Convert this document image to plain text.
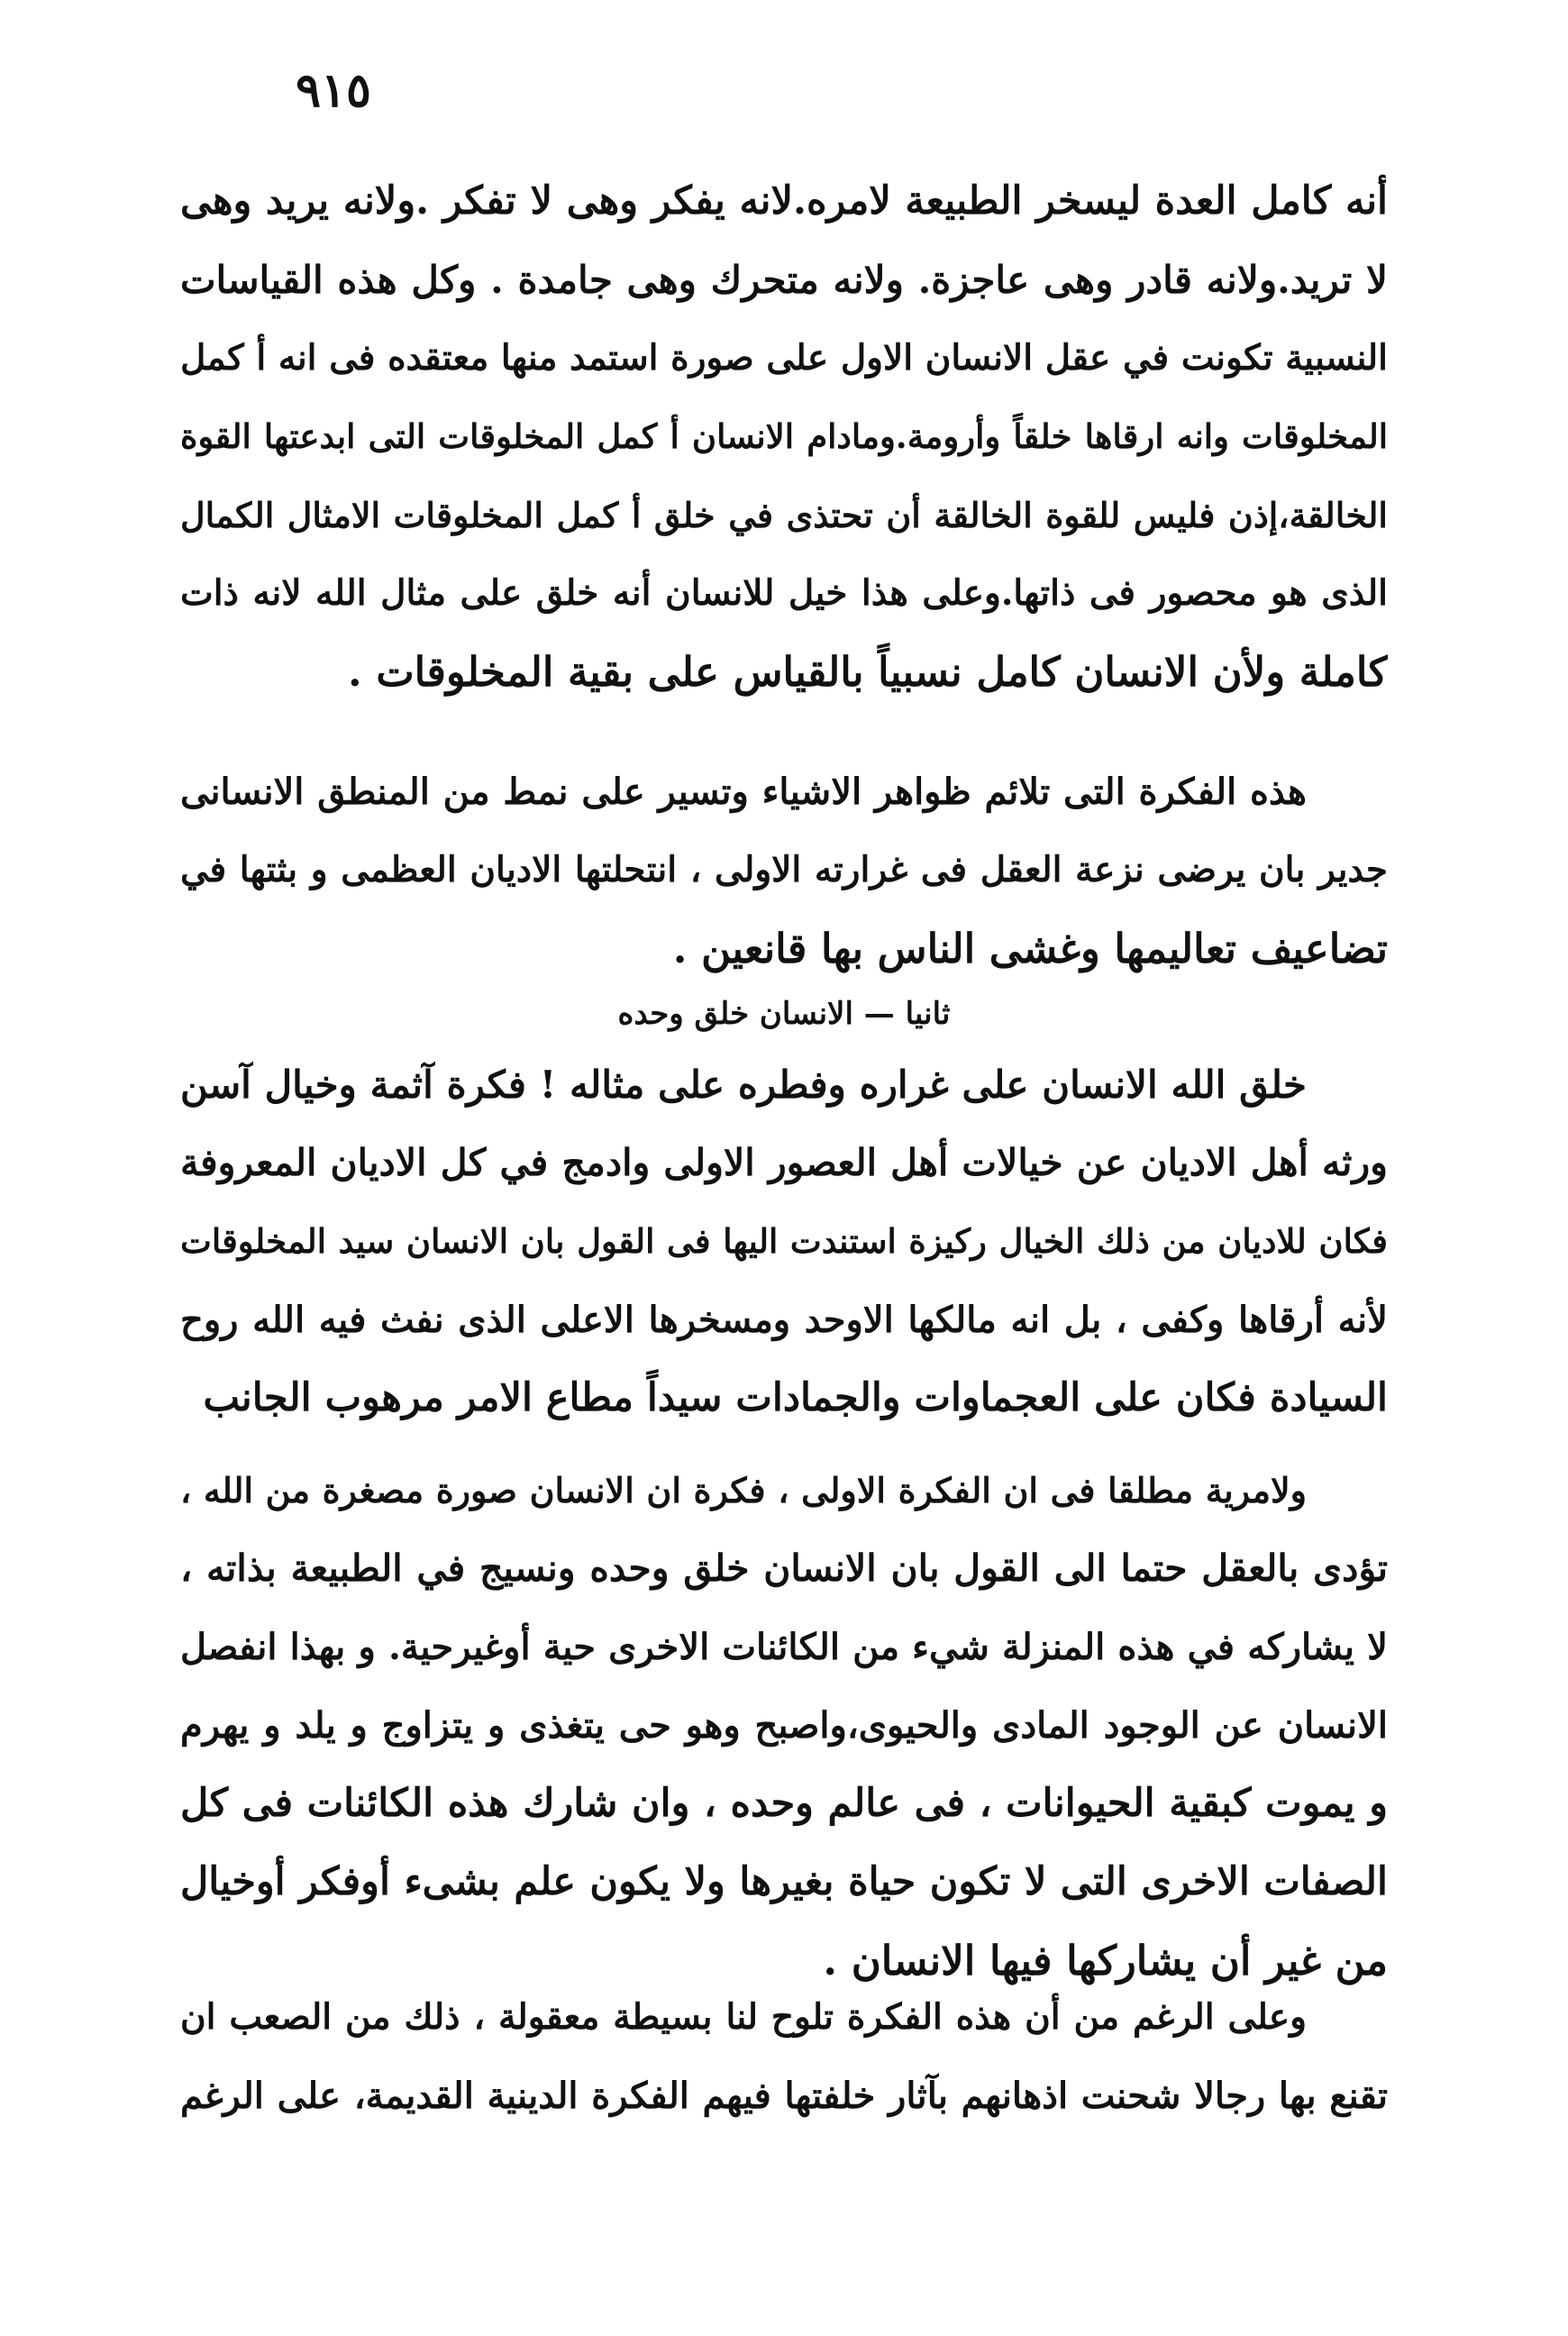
٩١٥
أنه كامل العدة ليسخر الطبيعة لامره.لانه يفكر وهى لا تفكر .ولانه يريد وهى
لا تريد.ولانه قادر وهى عاجزة. ولانه متحرك وهى جامدة . وكل هذه القياسات
النسبية تكونت في عقل الانسان الاول على صورة استمد منها معتقده فى انه أ كمل
المخلوقات وانه ارقاها خلقاً وأرومة.ومادام الانسان أ كمل المخلوقات التى ابدعتها القوة
الخالقة،إذن فليس للقوة الخالقة أن تحتذى في خلق أ كمل المخلوقات الامثال الكمال
الذى هو محصور فى ذاتها.وعلى هذا خيل للانسان أنه خلق على مثال الله لانه ذات
كاملة ولأن الانسان كامل نسبياً بالقياس على بقية المخلوقات .
هذه الفكرة التى تلائم ظواهر الاشياء وتسير على نمط من المنطق الانسانى
جدير بان يرضى نزعة العقل فى غرارته الاولى ، انتحلتها الاديان العظمى و بثتها في
تضاعيف تعاليمها وغشى الناس بها قانعين .
ثانيا — الانسان خلق وحده
خلق الله الانسان على غراره وفطره على مثاله ! فكرة آثمة وخيال آسن
ورثه أهل الاديان عن خيالات أهل العصور الاولى وادمج في كل الاديان المعروفة
فكان للاديان من ذلك الخيال ركيزة استندت اليها فى القول بان الانسان سيد المخلوقات
لأنه أرقاها وكفى ، بل انه مالكها الاوحد ومسخرها الاعلى الذى نفث فيه الله روح
السيادة فكان على العجماوات والجمادات سيداً مطاع الامر مرهوب الجانب
ولامرية مطلقا فى ان الفكرة الاولى ، فكرة ان الانسان صورة مصغرة من الله ،
تؤدى بالعقل حتما الى القول بان الانسان خلق وحده ونسيج في الطبيعة بذاته ،
لا يشاركه في هذه المنزلة شيء من الكائنات الاخرى حية أوغيرحية. و بهذا انفصل
الانسان عن الوجود المادى والحيوى،واصبح وهو حى يتغذى و يتزاوج و يلد و يهرم
و يموت كبقية الحيوانات ، فى عالم وحده ، وان شارك هذه الكائنات فى كل
الصفات الاخرى التى لا تكون حياة بغيرها ولا يكون علم بشىء أوفكر أوخيال
من غير أن يشاركها فيها الانسان .
وعلى الرغم من أن هذه الفكرة تلوح لنا بسيطة معقولة ، ذلك من الصعب ان
تقنع بها رجالا شحنت اذهانهم بآثار خلفتها فيهم الفكرة الدينية القديمة، على الرغم
